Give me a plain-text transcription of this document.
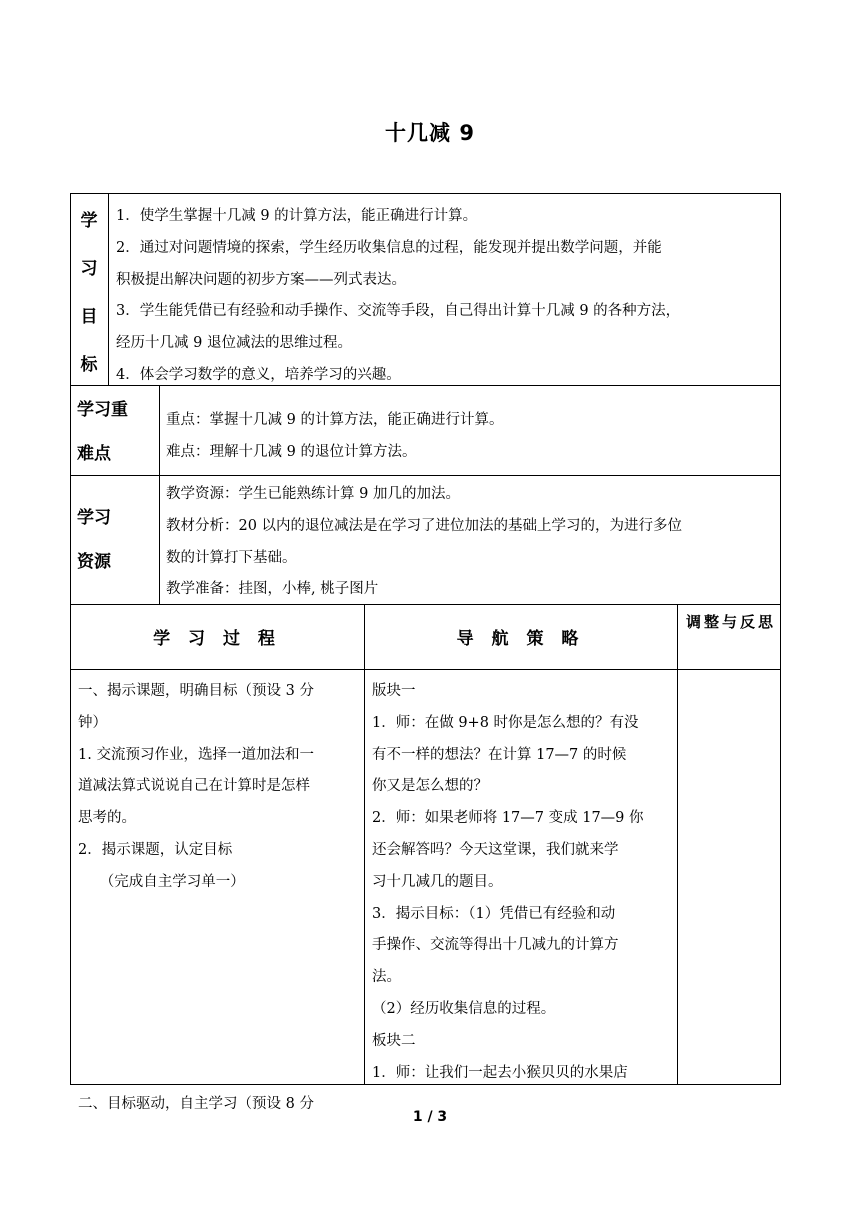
十几减 9
学
习
目
标
1．使学生掌握十几减 9 的计算方法，能正确进行计算。
2．通过对问题情境的探索，学生经历收集信息的过程，能发现并提出数学问题，并能
积极提出解决问题的初步方案——列式表达。
3．学生能凭借已有经验和动手操作、交流等手段，自己得出计算十几减 9 的各种方法，
经历十几减 9 退位减法的思维过程。
4．体会学习数学的意义，培养学习的兴趣。
学习重
难点
重点：掌握十几减 9 的计算方法，能正确进行计算。
难点：理解十几减 9 的退位计算方法。
学习
资源
教学资源：学生已能熟练计算 9 加几的加法。
教材分析：20 以内的退位减法是在学习了进位加法的基础上学习的，为进行多位
数的计算打下基础。
教学准备：挂图，小棒, 桃子图片
学 习 过 程	导 航 策 略
调整与反思
一、揭示课题，明确目标（预设 3 分
钟）
1. 交流预习作业，选择一道加法和一
道减法算式说说自己在计算时是怎样
思考的。
2．揭示课题，认定目标
　　（完成自主学习单一）
二、目标驱动，自主学习（预设 8 分
版块一
1．师：在做 9+8 时你是怎么想的？有没
有不一样的想法？在计算 17—7 的时候
你又是怎么想的？
2．师：如果老师将 17—7 变成 17—9 你
还会解答吗？今天这堂课，我们就来学
习十几减几的题目。
3．揭示目标：（1）凭借已有经验和动
手操作、交流等得出十几减九的计算方
法。
（2）经历收集信息的过程。
板块二
1．师：让我们一起去小猴贝贝的水果店
1 / 3
